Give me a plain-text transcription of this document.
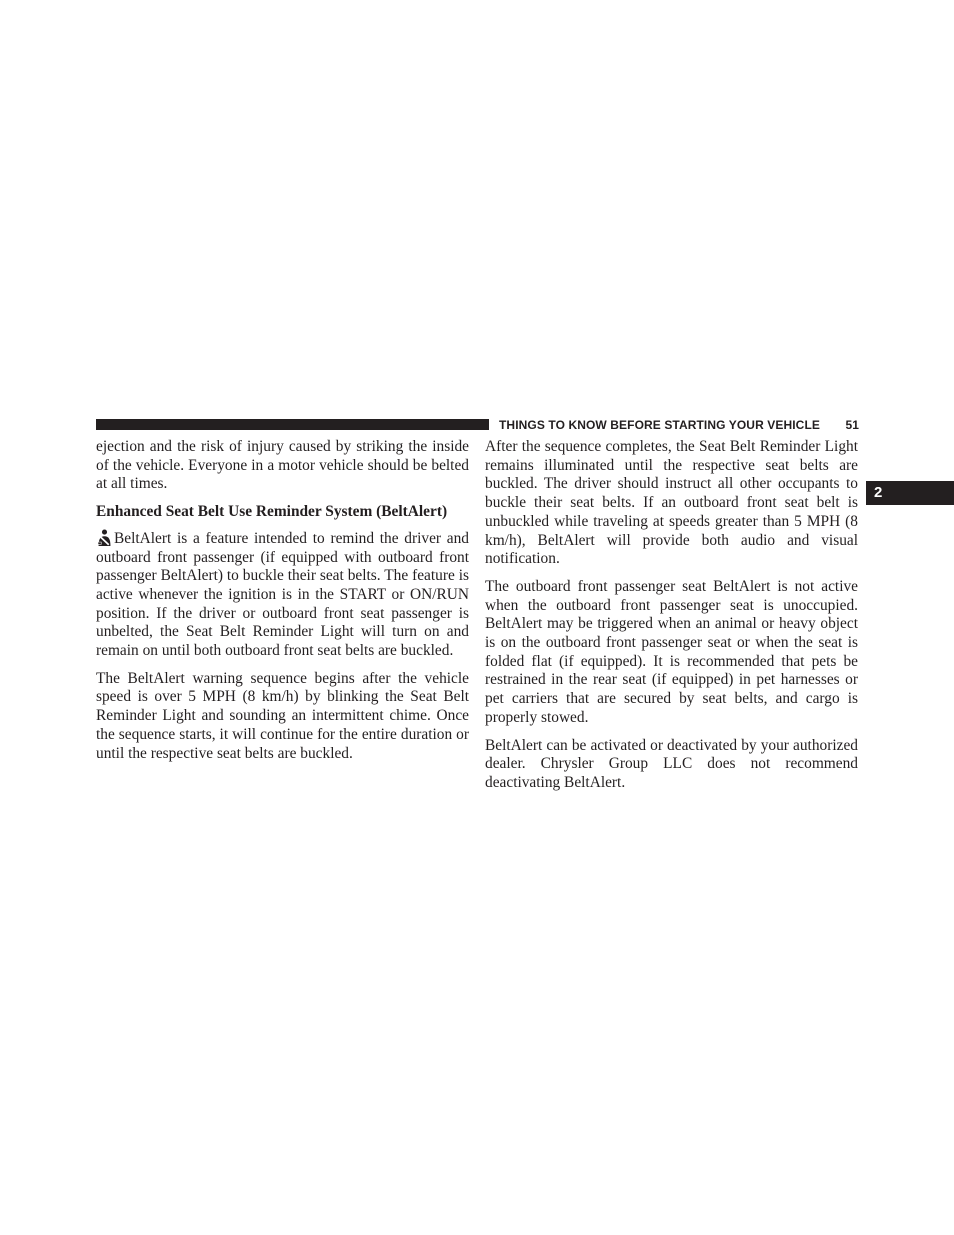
THINGS TO KNOW BEFORE STARTING YOUR VEHICLE 51
2

ejection and the risk of injury caused by striking the inside of the vehicle. Everyone in a motor vehicle should be belted at all times.

Enhanced Seat Belt Use Reminder System (BeltAlert)

BeltAlert is a feature intended to remind the driver and outboard front passenger (if equipped with outboard front passenger BeltAlert) to buckle their seat belts. The feature is active whenever the ignition is in the START or ON/RUN position. If the driver or outboard front seat passenger is unbelted, the Seat Belt Reminder Light will turn on and remain on until both outboard front seat belts are buckled.

The BeltAlert warning sequence begins after the vehicle speed is over 5 MPH (8 km/h) by blinking the Seat Belt Reminder Light and sounding an intermittent chime. Once the sequence starts, it will continue for the entire duration or until the respective seat belts are buckled.

After the sequence completes, the Seat Belt Reminder Light remains illuminated until the respective seat belts are buckled. The driver should instruct all other occupants to buckle their seat belts. If an outboard front seat belt is unbuckled while traveling at speeds greater than 5 MPH (8 km/h), BeltAlert will provide both audio and visual notification.

The outboard front passenger seat BeltAlert is not active when the outboard front passenger seat is unoccupied. BeltAlert may be triggered when an animal or heavy object is on the outboard front passenger seat or when the seat is folded flat (if equipped). It is recommended that pets be restrained in the rear seat (if equipped) in pet harnesses or pet carriers that are secured by seat belts, and cargo is properly stowed.

BeltAlert can be activated or deactivated by your authorized dealer. Chrysler Group LLC does not recommend deactivating BeltAlert.
